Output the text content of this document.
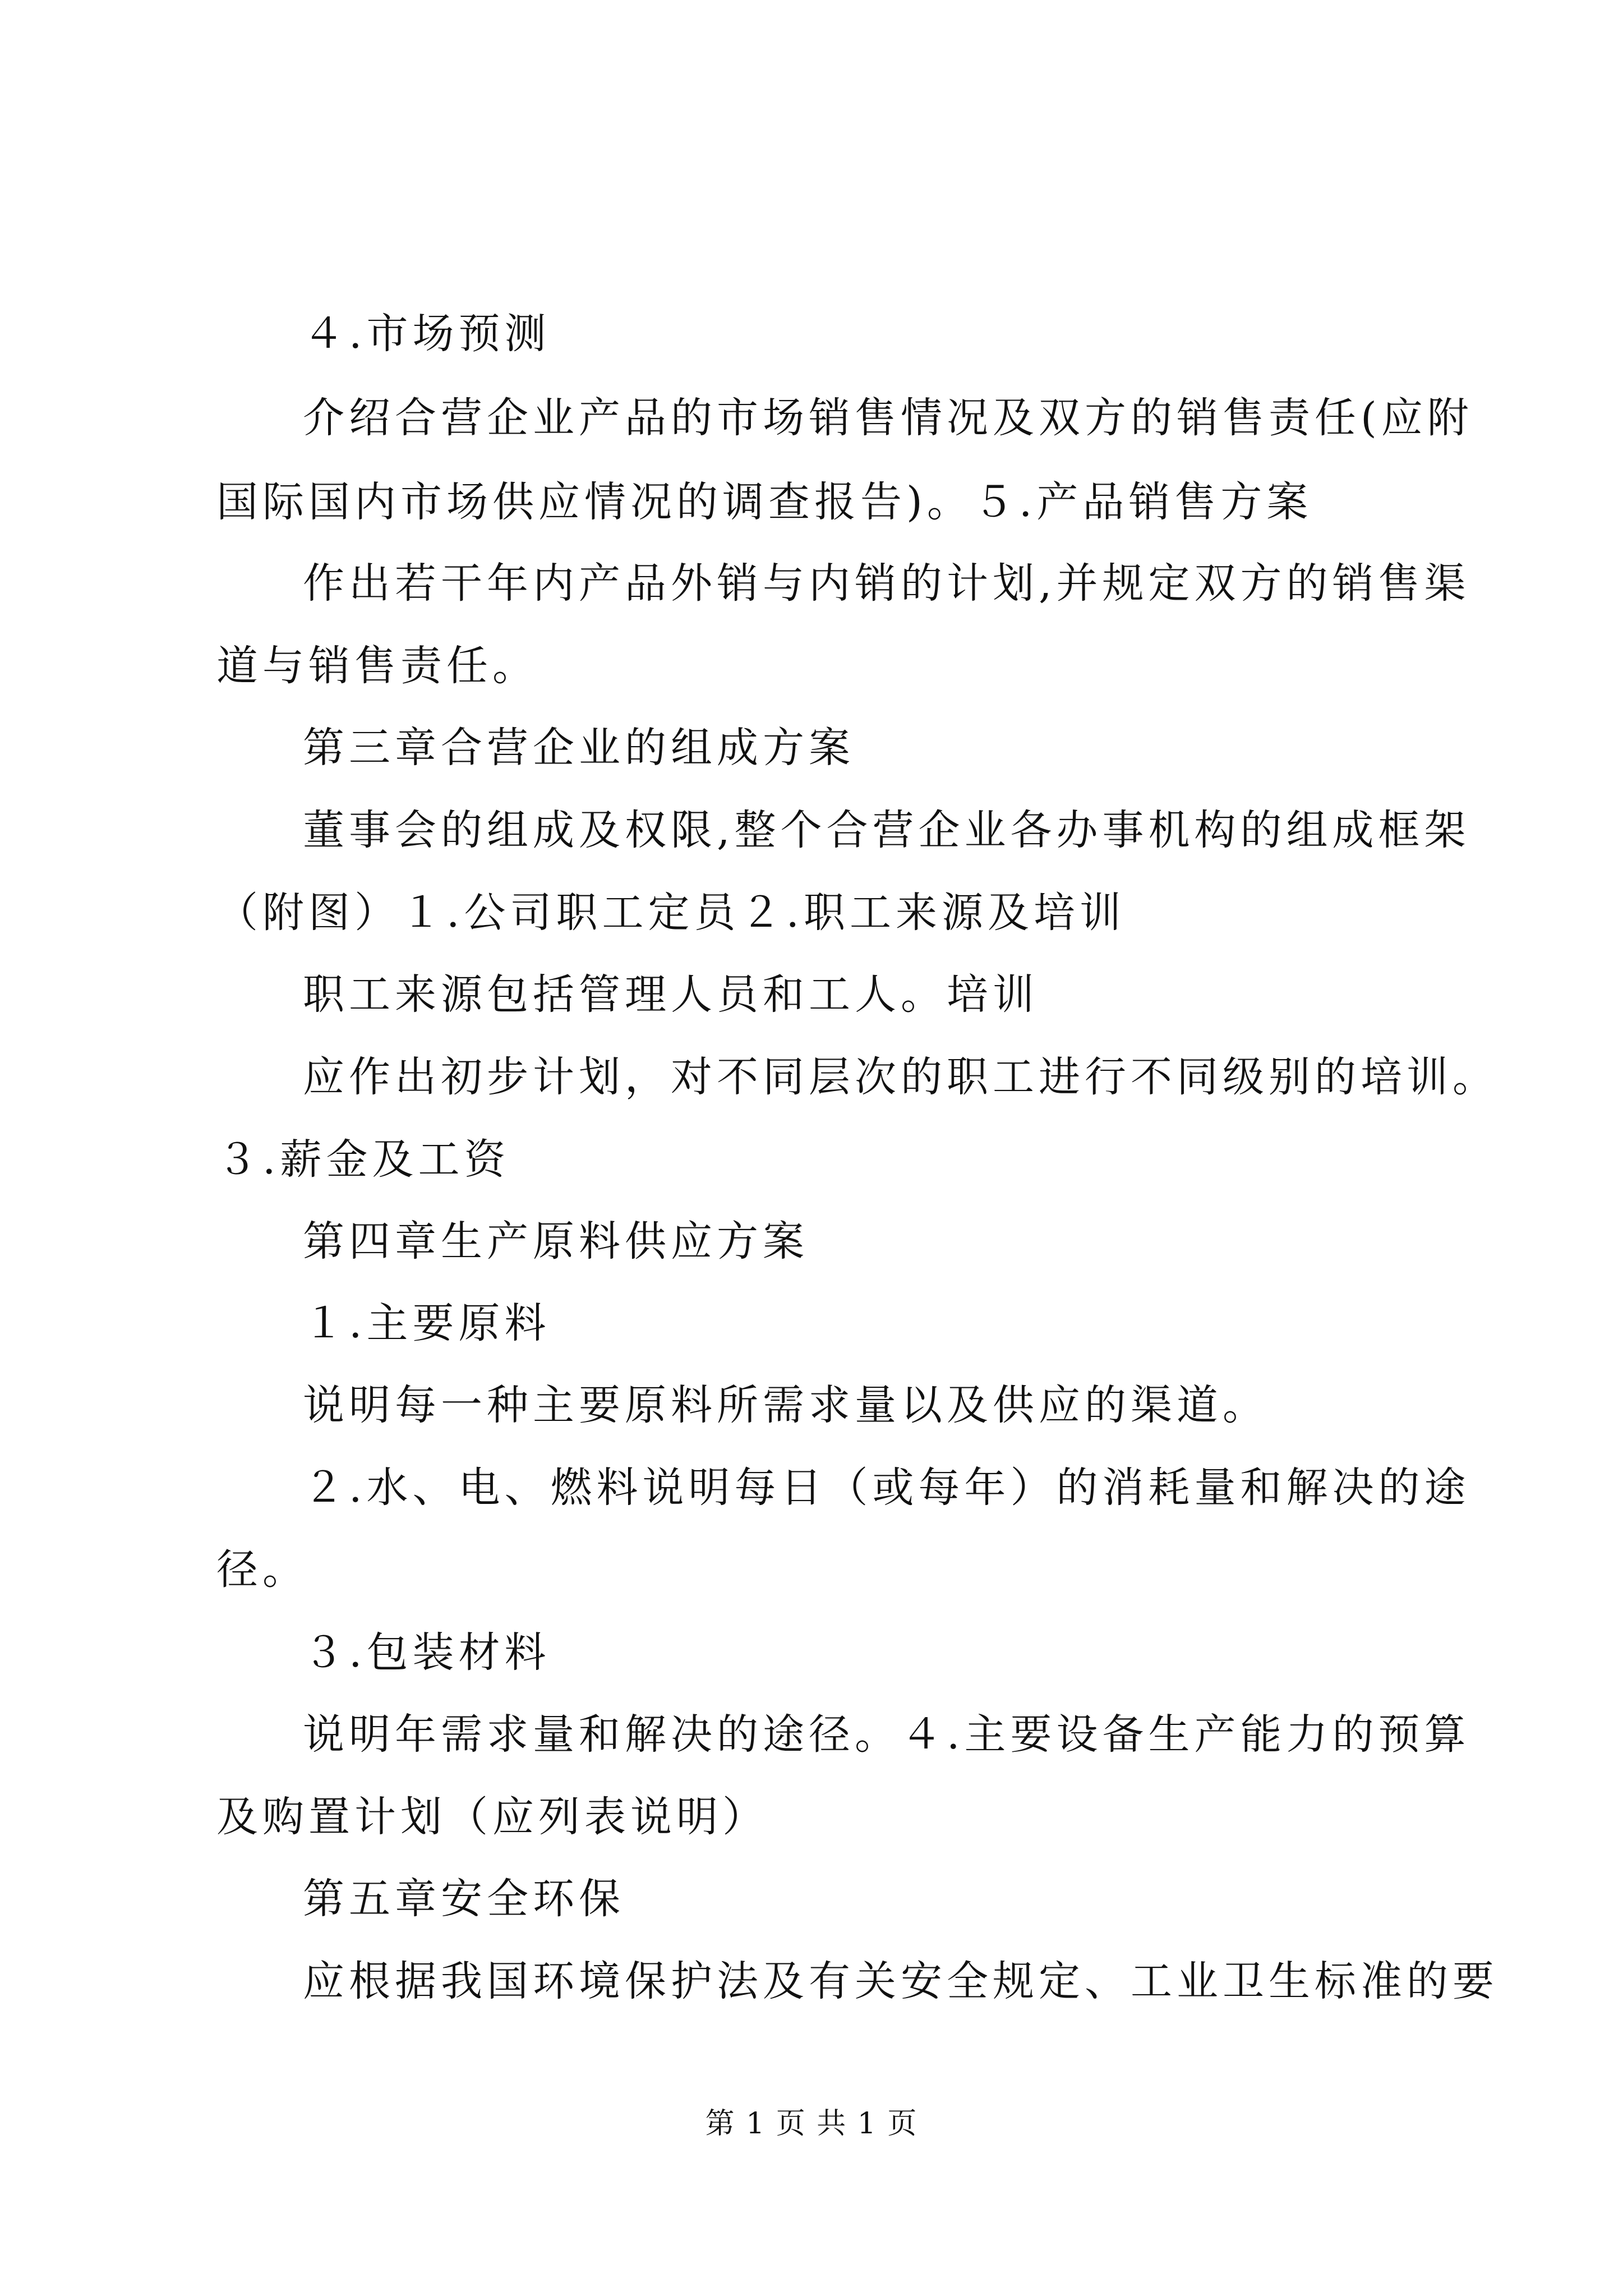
４.市场预测
介绍合营企业产品的市场销售情况及双方的销售责任(应附
国际国内市场供应情况的调查报告)。５.产品销售方案
作出若干年内产品外销与内销的计划,并规定双方的销售渠
道与销售责任。
第三章合营企业的组成方案
董事会的组成及权限,整个合营企业各办事机构的组成框架
（附图）１.公司职工定员２.职工来源及培训
职工来源包括管理人员和工人。培训
应作出初步计划，对不同层次的职工进行不同级别的培训。
３.薪金及工资
第四章生产原料供应方案
１.主要原料
说明每一种主要原料所需求量以及供应的渠道。
２.水、电、燃料说明每日（或每年）的消耗量和解决的途
径。
３.包装材料
说明年需求量和解决的途径。４.主要设备生产能力的预算
及购置计划（应列表说明）
第五章安全环保
应根据我国环境保护法及有关安全规定、工业卫生标准的要
第 1 页 共 1 页
